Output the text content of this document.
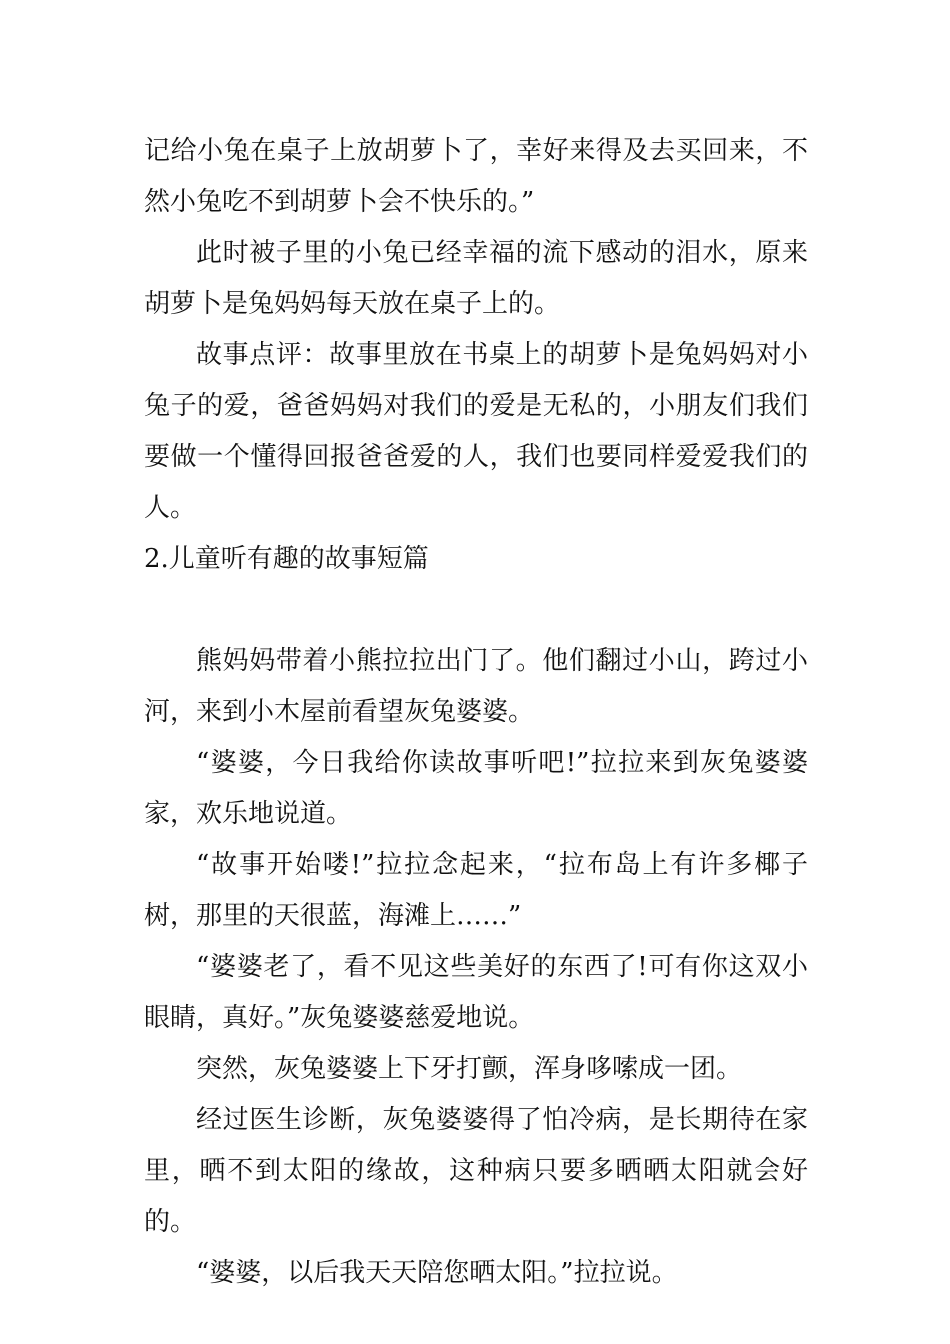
记给小兔在桌子上放胡萝卜了，幸好来得及去买回来，不然小兔吃不到胡萝卜会不快乐的。”

此时被子里的小兔已经幸福的流下感动的泪水，原来胡萝卜是兔妈妈每天放在桌子上的。

故事点评：故事里放在书桌上的胡萝卜是兔妈妈对小兔子的爱，爸爸妈妈对我们的爱是无私的，小朋友们我们要做一个懂得回报爸爸爱的人，我们也要同样爱爱我们的人。

2.儿童听有趣的故事短篇

熊妈妈带着小熊拉拉出门了。他们翻过小山，跨过小河，来到小木屋前看望灰兔婆婆。

“婆婆，今日我给你读故事听吧!”拉拉来到灰兔婆婆家，欢乐地说道。

“故事开始喽!”拉拉念起来，“拉布岛上有许多椰子树，那里的天很蓝，海滩上……”

“婆婆老了，看不见这些美好的东西了!可有你这双小眼睛，真好。”灰兔婆婆慈爱地说。

突然，灰兔婆婆上下牙打颤，浑身哆嗦成一团。

经过医生诊断，灰兔婆婆得了怕冷病，是长期待在家里，晒不到太阳的缘故，这种病只要多晒晒太阳就会好的。

“婆婆，以后我天天陪您晒太阳。”拉拉说。
